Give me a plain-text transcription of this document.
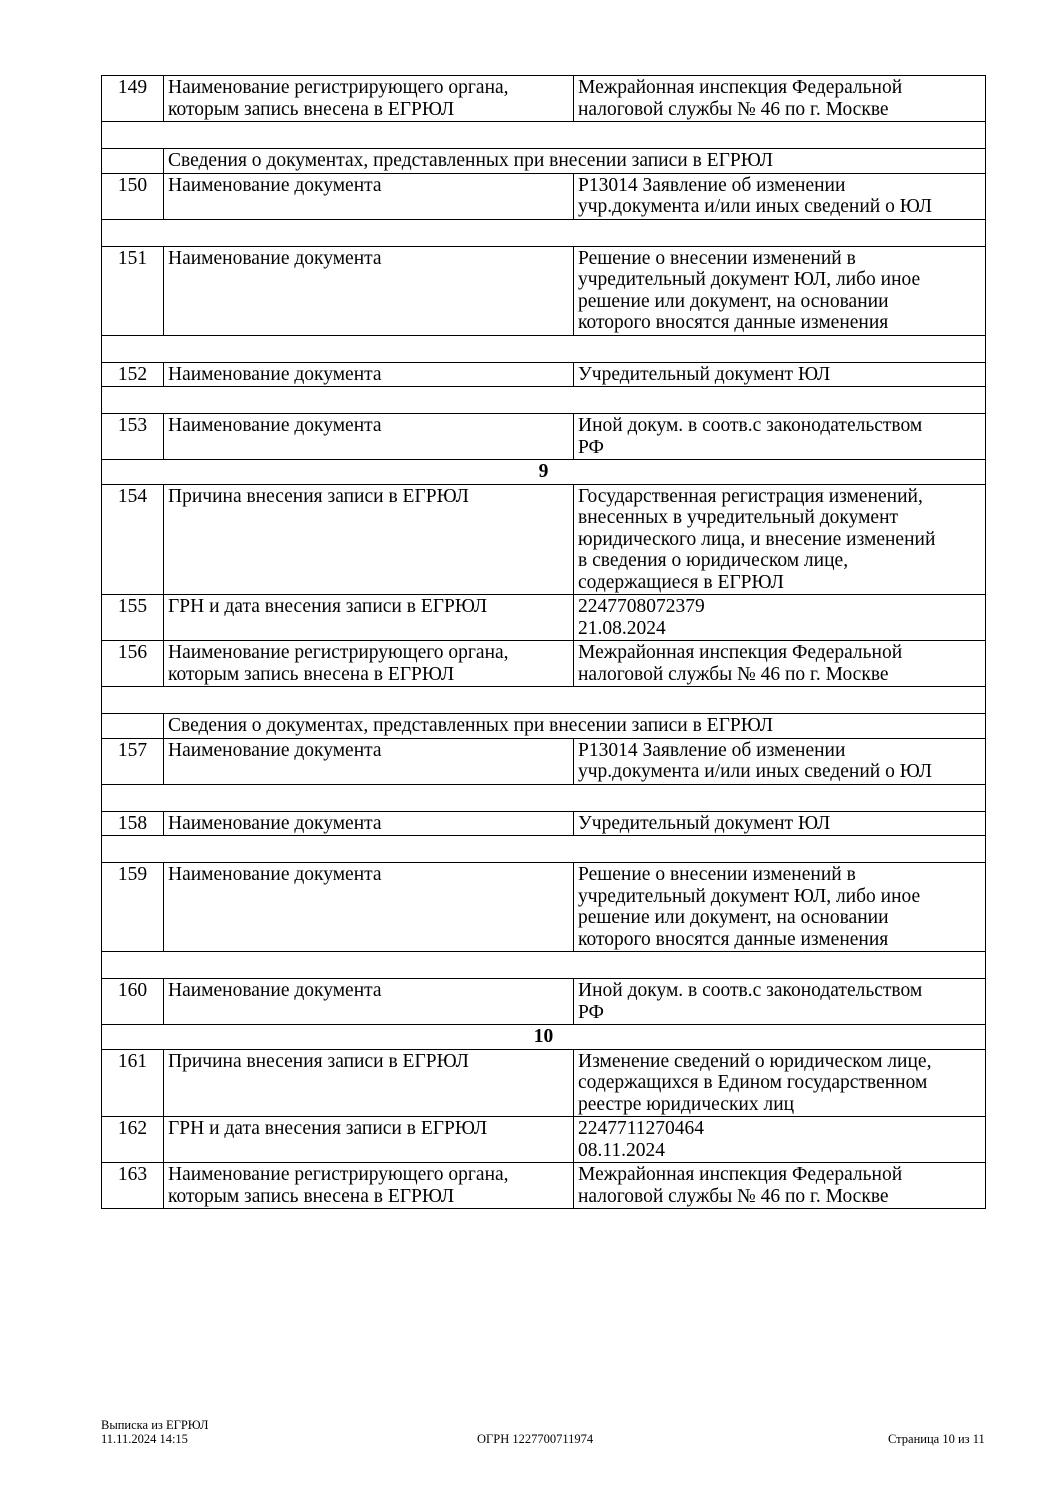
149	Наименование регистрирующего органа,
которым запись внесена в ЕГРЮЛ	Межрайонная инспекция Федеральной
налоговой службы № 46 по г. Москве

	Сведения о документах, представленных при внесении записи в ЕГРЮЛ	
150	Наименование документа	Р13014 Заявление об изменении
учр.документа и/или иных сведений о ЮЛ

151	Наименование документа	Решение о внесении изменений в
учредительный документ ЮЛ, либо иное
решение или документ, на основании
которого вносятся данные изменения

152	Наименование документа	Учредительный документ ЮЛ

153	Наименование документа	Иной докум. в соотв.с законодательством
РФ
9		
154	Причина внесения записи в ЕГРЮЛ	Государственная регистрация изменений,
внесенных в учредительный документ
юридического лица, и внесение изменений
в сведения о юридическом лице,
содержащиеся в ЕГРЮЛ
155	ГРН и дата внесения записи в ЕГРЮЛ	2247708072379
21.08.2024
156	Наименование регистрирующего органа,
которым запись внесена в ЕГРЮЛ	Межрайонная инспекция Федеральной
налоговой службы № 46 по г. Москве

	Сведения о документах, представленных при внесении записи в ЕГРЮЛ	
157	Наименование документа	Р13014 Заявление об изменении
учр.документа и/или иных сведений о ЮЛ

158	Наименование документа	Учредительный документ ЮЛ

159	Наименование документа	Решение о внесении изменений в
учредительный документ ЮЛ, либо иное
решение или документ, на основании
которого вносятся данные изменения

160	Наименование документа	Иной докум. в соотв.с законодательством
РФ
10		
161	Причина внесения записи в ЕГРЮЛ	Изменение сведений о юридическом лице,
содержащихся в Едином государственном
реестре юридических лиц
162	ГРН и дата внесения записи в ЕГРЮЛ	2247711270464
08.11.2024
163	Наименование регистрирующего органа,
которым запись внесена в ЕГРЮЛ	Межрайонная инспекция Федеральной
налоговой службы № 46 по г. Москве
Выписка из ЕГРЮЛ
11.11.2024 14:15	ОГРН 1227700711974	Страница 10 из 11
